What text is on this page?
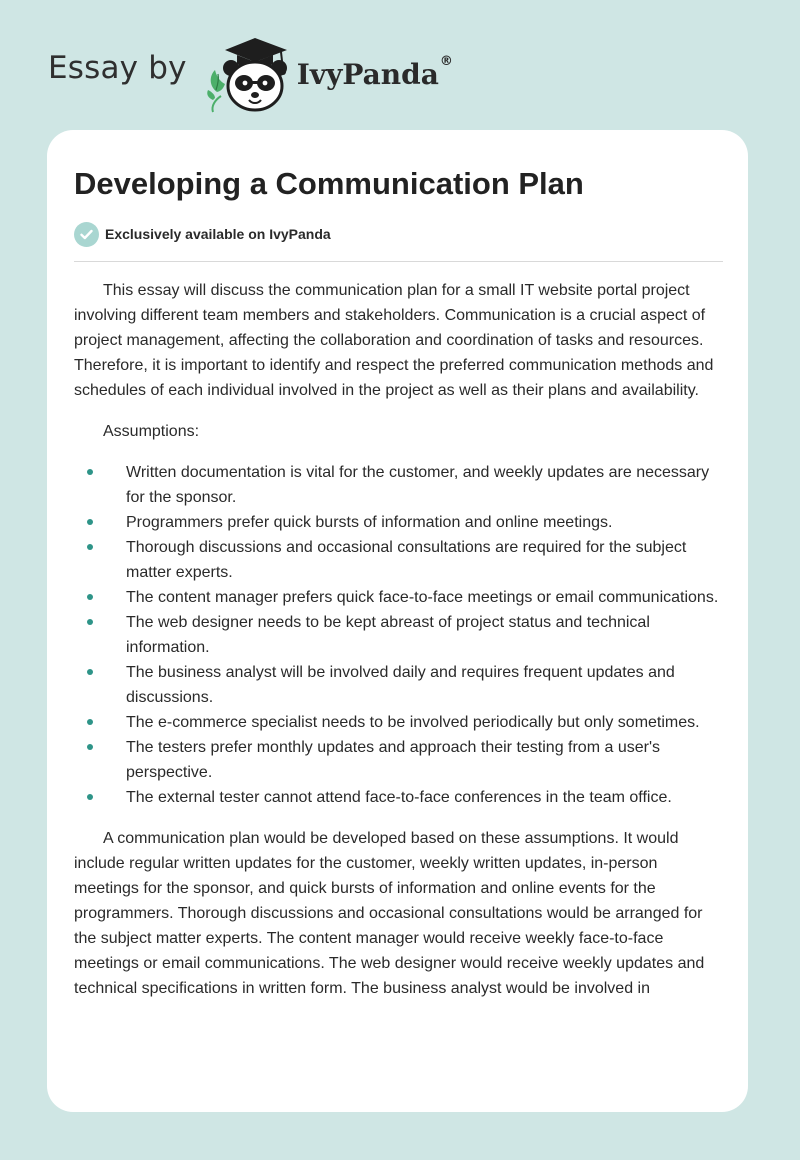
Essay by	IvyPanda®
Developing a Communication Plan
Exclusively available on IvyPanda

This essay will discuss the communication plan for a small IT website portal project involving different team members and stakeholders. Communication is a crucial aspect of project management, affecting the collaboration and coordination of tasks and resources. Therefore, it is important to identify and respect the preferred communication methods and schedules of each individual involved in the project as well as their plans and availability.

Assumptions:

Written documentation is vital for the customer, and weekly updates are necessary for the sponsor.
Programmers prefer quick bursts of information and online meetings.
Thorough discussions and occasional consultations are required for the subject matter experts.
The content manager prefers quick face-to-face meetings or email communications.
The web designer needs to be kept abreast of project status and technical information.
The business analyst will be involved daily and requires frequent updates and discussions.
The e-commerce specialist needs to be involved periodically but only sometimes.
The testers prefer monthly updates and approach their testing from a user's perspective.
The external tester cannot attend face-to-face conferences in the team office.

A communication plan would be developed based on these assumptions. It would include regular written updates for the customer, weekly written updates, in-person meetings for the sponsor, and quick bursts of information and online events for the programmers. Thorough discussions and occasional consultations would be arranged for the subject matter experts. The content manager would receive weekly face-to-face meetings or email communications. The web designer would receive weekly updates and technical specifications in written form. The business analyst would be involved in
